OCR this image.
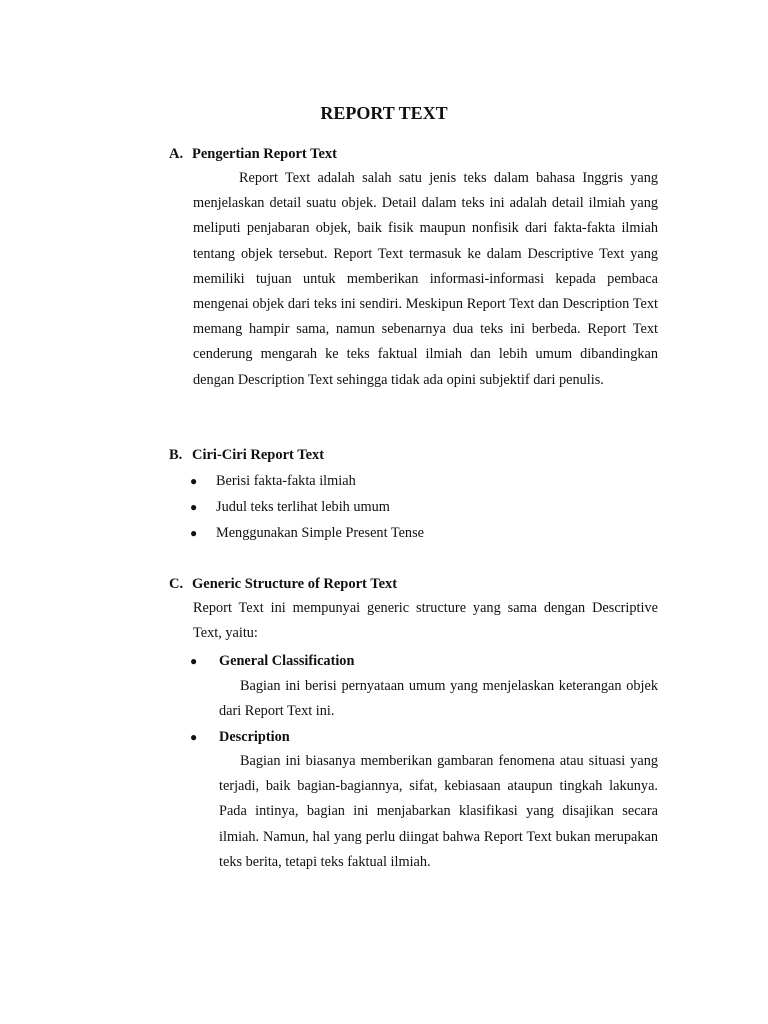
REPORT TEXT
A. Pengertian Report Text
Report Text adalah salah satu jenis teks dalam bahasa Inggris yang menjelaskan detail suatu objek. Detail dalam teks ini adalah detail ilmiah yang meliputi penjabaran objek, baik fisik maupun nonfisik dari fakta-fakta ilmiah tentang objek tersebut. Report Text termasuk ke dalam Descriptive Text yang memiliki tujuan untuk memberikan informasi-informasi kepada pembaca mengenai objek dari teks ini sendiri. Meskipun Report Text dan Description Text memang hampir sama, namun sebenarnya dua teks ini berbeda. Report Text cenderung mengarah ke teks faktual ilmiah dan lebih umum dibandingkan dengan Description Text sehingga tidak ada opini subjektif dari penulis.
B. Ciri-Ciri Report Text
● Berisi fakta-fakta ilmiah
● Judul teks terlihat lebih umum
● Menggunakan Simple Present Tense
C. Generic Structure of Report Text
Report Text ini mempunyai generic structure yang sama dengan Descriptive Text, yaitu:
● General Classification
Bagian ini berisi pernyataan umum yang menjelaskan keterangan objek dari Report Text ini.
● Description
Bagian ini biasanya memberikan gambaran fenomena atau situasi yang terjadi, baik bagian-bagiannya, sifat, kebiasaan ataupun tingkah lakunya. Pada intinya, bagian ini menjabarkan klasifikasi yang disajikan secara ilmiah. Namun, hal yang perlu diingat bahwa Report Text bukan merupakan teks berita, tetapi teks faktual ilmiah.
